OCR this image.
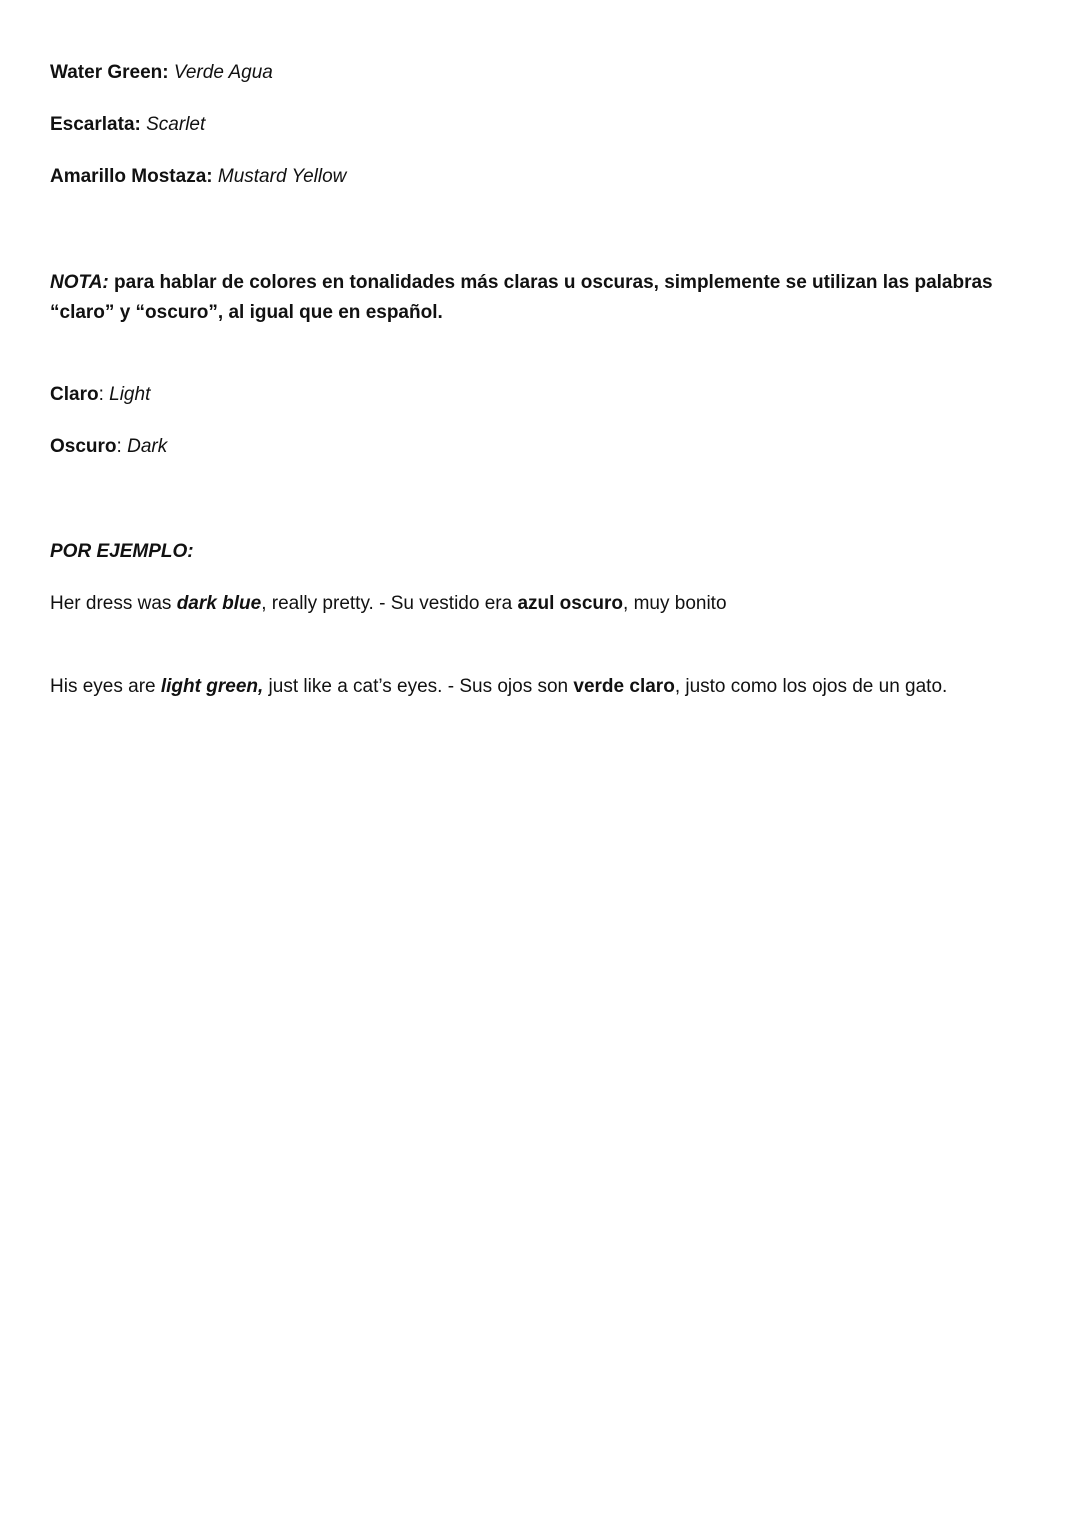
Water Green: Verde Agua
Escarlata: Scarlet
Amarillo Mostaza: Mustard Yellow
NOTA: para hablar de colores en tonalidades más claras u oscuras, simplemente se utilizan las palabras “claro” y “oscuro”, al igual que en español.
Claro: Light
Oscuro: Dark
POR EJEMPLO:
Her dress was dark blue, really pretty. - Su vestido era azul oscuro, muy bonito
His eyes are light green, just like a cat’s eyes. - Sus ojos son verde claro, justo como los ojos de un gato.
